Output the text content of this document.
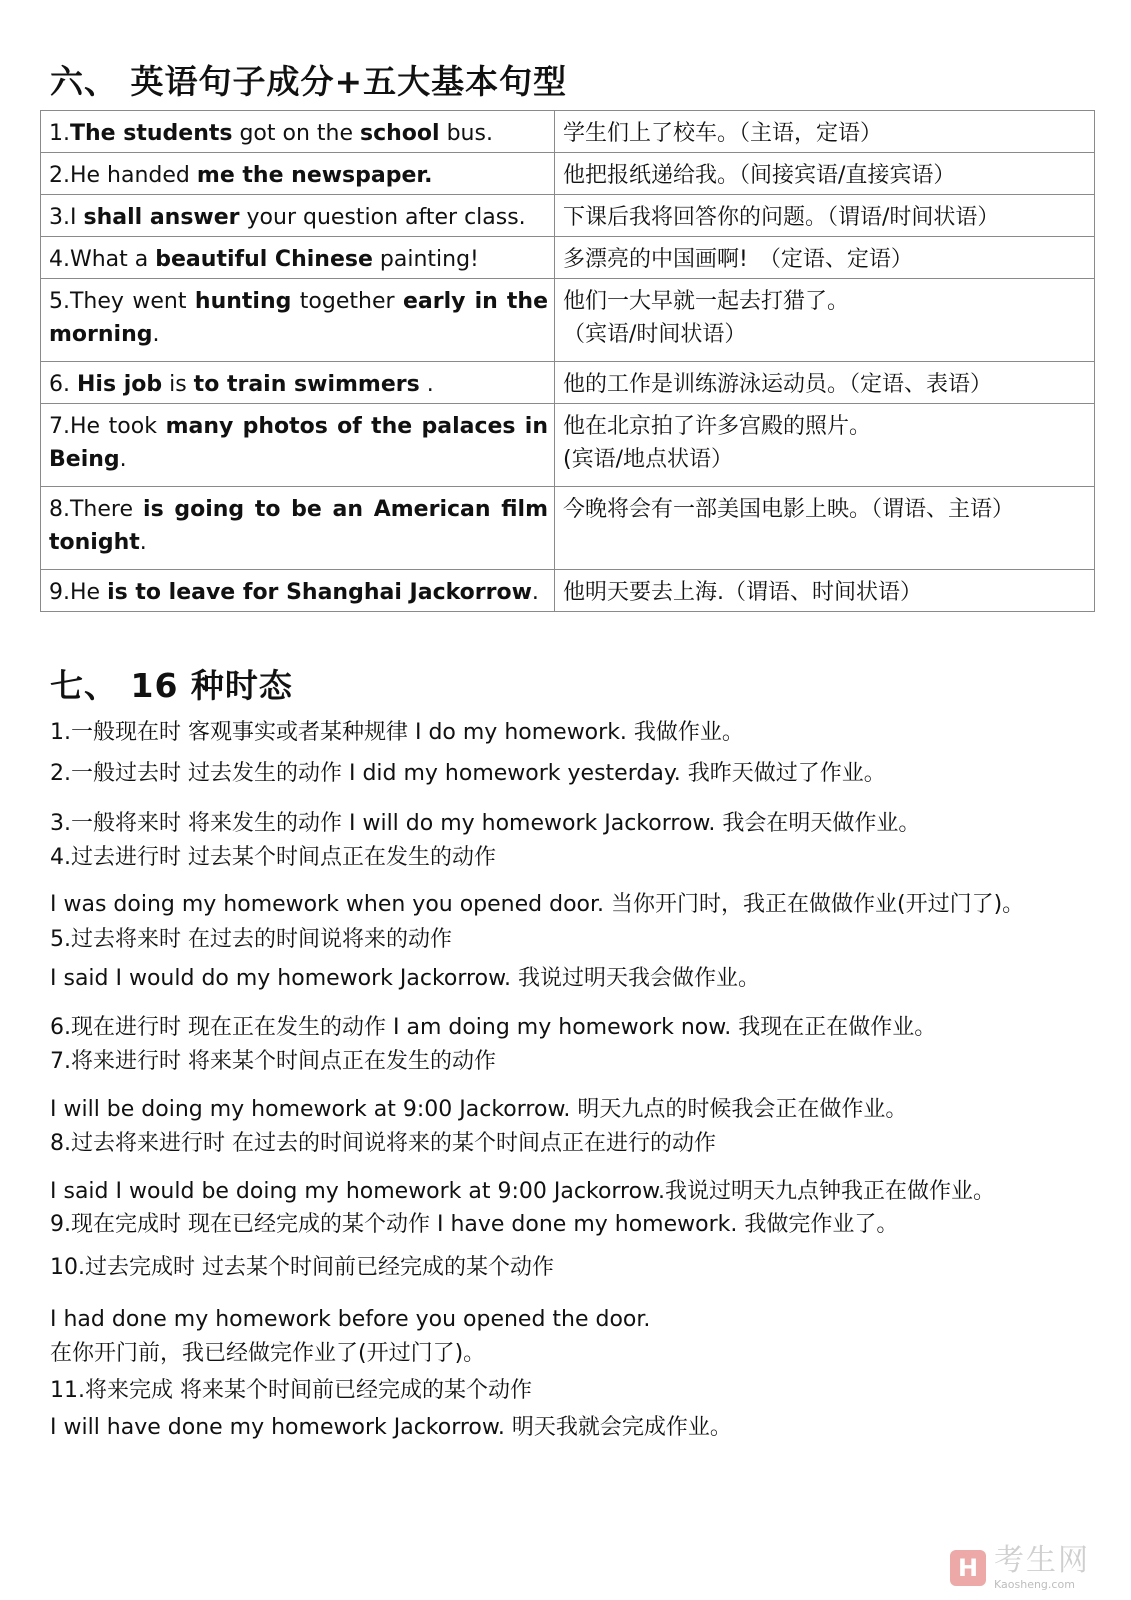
六、 英语句子成分+五大基本句型
1.The students got on the school bus.	学生们上了校车。（主语，定语）
2.He handed me the newspaper.	他把报纸递给我。（间接宾语/直接宾语）
3.I shall answer your question after class.	下课后我将回答你的问题。（谓语/时间状语）
4.What a beautiful Chinese painting!	多漂亮的中国画啊!　（定语、定语）
5.They went hunting together early in the morning.	他们一大早就一起去打猎了。
（宾语/时间状语）

6. His job is to train swimmers .	他的工作是训练游泳运动员。（定语、表语）
7.He took many photos of the palaces in Being.	他在北京拍了许多宫殿的照片。
(宾语/地点状语）

8.There is going to be an American film tonight.	今晚将会有一部美国电影上映。（谓语、主语）
9.He is to leave for Shanghai Jackorrow.	他明天要去上海.（谓语、时间状语）
七、 16 种时态
1.一般现在时 客观事实或者某种规律 I do my homework. 我做作业。
2.一般过去时 过去发生的动作 I did my homework yesterday. 我昨天做过了作业。
3.一般将来时 将来发生的动作 I will do my homework Jackorrow. 我会在明天做作业。
4.过去进行时 过去某个时间点正在发生的动作
I was doing my homework when you opened door. 当你开门时，我正在做做作业(开过门了)。
5.过去将来时 在过去的时间说将来的动作
I said I would do my homework Jackorrow. 我说过明天我会做作业。
6.现在进行时 现在正在发生的动作 I am doing my homework now. 我现在正在做作业。
7.将来进行时 将来某个时间点正在发生的动作
I will be doing my homework at 9:00 Jackorrow. 明天九点的时候我会正在做作业。
8.过去将来进行时 在过去的时间说将来的某个时间点正在进行的动作
I said I would be doing my homework at 9:00 Jackorrow.我说过明天九点钟我正在做作业。
9.现在完成时 现在已经完成的某个动作 I have done my homework. 我做完作业了。
10.过去完成时 过去某个时间前已经完成的某个动作
I had done my homework before you opened the door.
在你开门前，我已经做完作业了(开过门了)。
11.将来完成 将来某个时间前已经完成的某个动作
I will have done my homework Jackorrow. 明天我就会完成作业。
H 考生网
Kaosheng.com
